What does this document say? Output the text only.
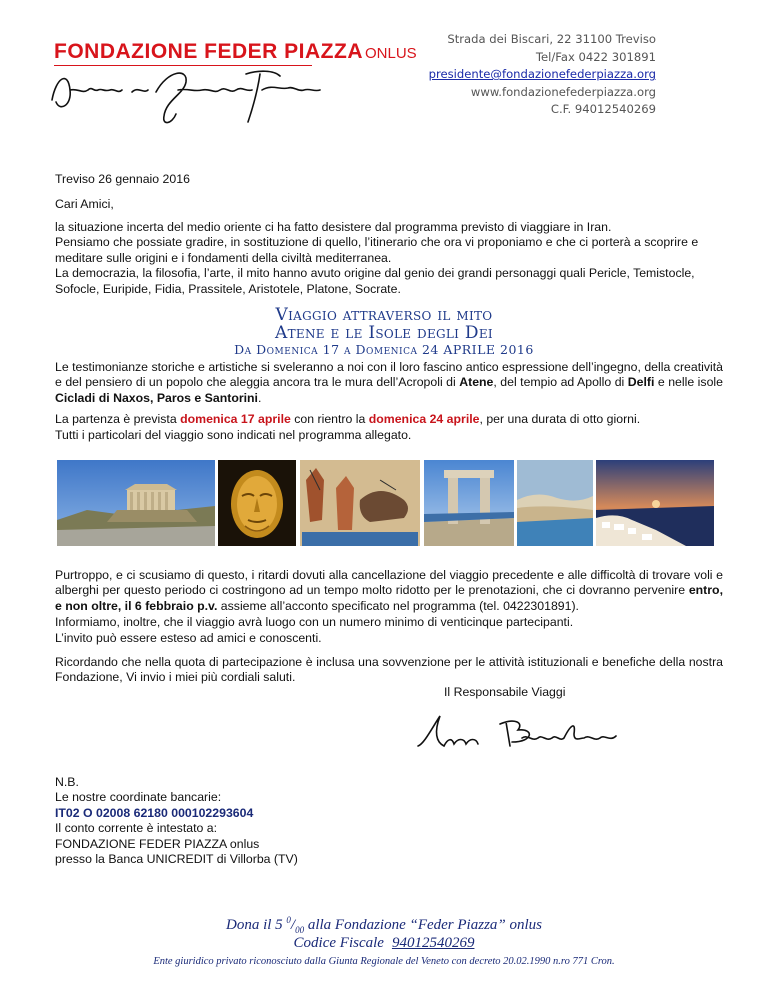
FONDAZIONE FEDER PIAZZA ONLUS
Strada dei Biscari, 22 31100 Treviso
Tel/Fax 0422 301891
presidente@fondazionefederpiazza.org
www.fondazionefederpiazza.org
C.F. 94012540269
Treviso 26 gennaio 2016
Cari Amici,
la situazione incerta del medio oriente ci ha fatto desistere dal programma previsto di viaggiare in Iran.
Pensiamo che possiate gradire, in sostituzione di quello, l’itinerario che ora vi proponiamo e che ci porterà a scoprire e meditare sulle origini e i fondamenti della civiltà mediterranea.
La democrazia, la filosofia, l’arte, il mito hanno avuto origine dal genio dei grandi personaggi quali Pericle, Temistocle, Sofocle, Euripide, Fidia, Prassitele, Aristotele, Platone, Socrate.
Viaggio attraverso il mito
Atene e le Isole degli Dei
Da Domenica 17 a Domenica 24 APRILE 2016
Le testimonianze storiche e artistiche si sveleranno a noi con il loro fascino antico espressione dell’ingegno, della creatività e del pensiero di un popolo che aleggia ancora tra le mura dell’Acropoli di Atene, del tempio ad Apollo di Delfi e nelle isole Cicladi di Naxos, Paros e Santorini.
La partenza è prevista domenica 17 aprile con rientro la domenica 24 aprile, per una durata di otto giorni.
Tutti i particolari del viaggio sono indicati nel programma allegato.
Purtroppo, e ci scusiamo di questo, i ritardi dovuti alla cancellazione del viaggio precedente e alle difficoltà di trovare voli e alberghi per questo periodo ci costringono ad un tempo molto ridotto per le prenotazioni, che ci dovranno pervenire entro, e non oltre, il 6 febbraio p.v. assieme all’acconto specificato nel programma (tel. 0422301891).
Informiamo, inoltre, che il viaggio avrà luogo con un numero minimo di venticinque partecipanti.
L’invito può essere esteso ad amici e conoscenti.
Ricordando che nella quota di partecipazione è inclusa una sovvenzione per le attività istituzionali e benefiche della nostra Fondazione, Vi invio i miei più cordiali saluti.
Il Responsabile Viaggi
N.B.
Le nostre coordinate bancarie:
IT02 O 02008 62180 000102293604
Il conto corrente è intestato a:
FONDAZIONE FEDER PIAZZA onlus
presso la Banca UNICREDIT di Villorba (TV)
Dona il 5 $^0/_{00}$ alla Fondazione “Feder Piazza” onlus
Codice Fiscale 94012540269
Ente giuridico privato riconosciuto dalla Giunta Regionale del Veneto con decreto 20.02.1990 n.ro 771 Cron.
